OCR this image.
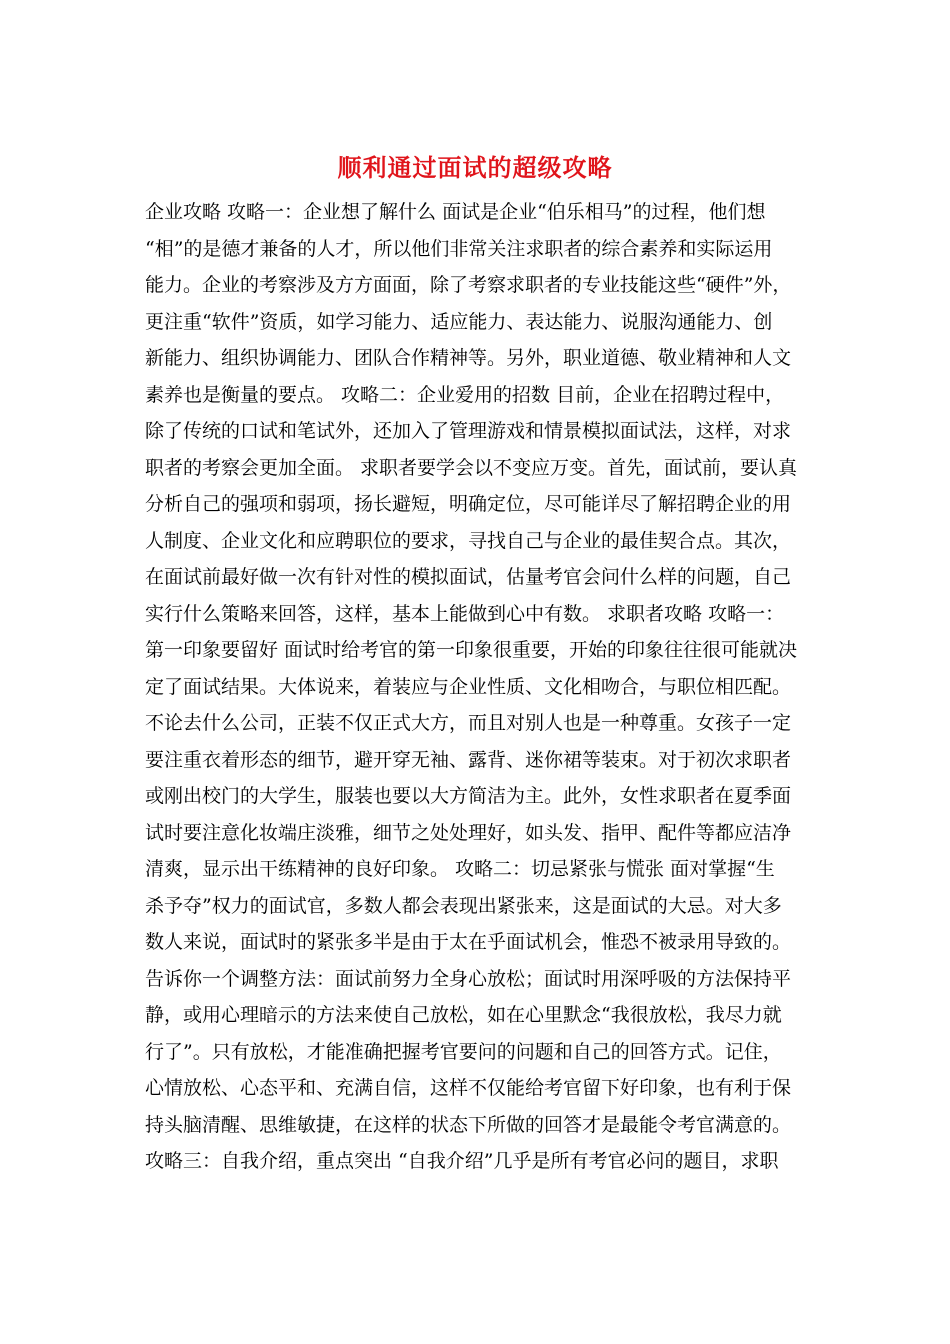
顺利通过面试的超级攻略
企业攻略 攻略一：企业想了解什么 面试是企业“伯乐相马”的过程，他们想
“相”的是德才兼备的人才，所以他们非常关注求职者的综合素养和实际运用
能力。企业的考察涉及方方面面，除了考察求职者的专业技能这些“硬件”外，
更注重“软件”资质，如学习能力、适应能力、表达能力、说服沟通能力、创
新能力、组织协调能力、团队合作精神等。另外，职业道德、敬业精神和人文
素养也是衡量的要点。 攻略二：企业爱用的招数 目前，企业在招聘过程中，
除了传统的口试和笔试外，还加入了管理游戏和情景模拟面试法，这样，对求
职者的考察会更加全面。 求职者要学会以不变应万变。首先，面试前，要认真
分析自己的强项和弱项，扬长避短，明确定位，尽可能详尽了解招聘企业的用
人制度、企业文化和应聘职位的要求，寻找自己与企业的最佳契合点。其次，
在面试前最好做一次有针对性的模拟面试，估量考官会问什么样的问题，自己
实行什么策略来回答，这样，基本上能做到心中有数。 求职者攻略 攻略一：
第一印象要留好 面试时给考官的第一印象很重要，开始的印象往往很可能就决
定了面试结果。大体说来，着装应与企业性质、文化相吻合，与职位相匹配。
不论去什么公司，正装不仅正式大方，而且对别人也是一种尊重。女孩子一定
要注重衣着形态的细节，避开穿无袖、露背、迷你裙等装束。对于初次求职者
或刚出校门的大学生，服装也要以大方简洁为主。此外，女性求职者在夏季面
试时要注意化妆端庄淡雅，细节之处处理好，如头发、指甲、配件等都应洁净
清爽，显示出干练精神的良好印象。 攻略二：切忌紧张与慌张 面对掌握“生
杀予夺”权力的面试官，多数人都会表现出紧张来，这是面试的大忌。对大多
数人来说，面试时的紧张多半是由于太在乎面试机会，惟恐不被录用导致的。
告诉你一个调整方法：面试前努力全身心放松；面试时用深呼吸的方法保持平
静，或用心理暗示的方法来使自己放松，如在心里默念“我很放松，我尽力就
行了”。只有放松，才能准确把握考官要问的问题和自己的回答方式。记住，
心情放松、心态平和、充满自信，这样不仅能给考官留下好印象，也有利于保
持头脑清醒、思维敏捷，在这样的状态下所做的回答才是最能令考官满意的。
攻略三：自我介绍，重点突出 “自我介绍”几乎是所有考官必问的题目，求职
